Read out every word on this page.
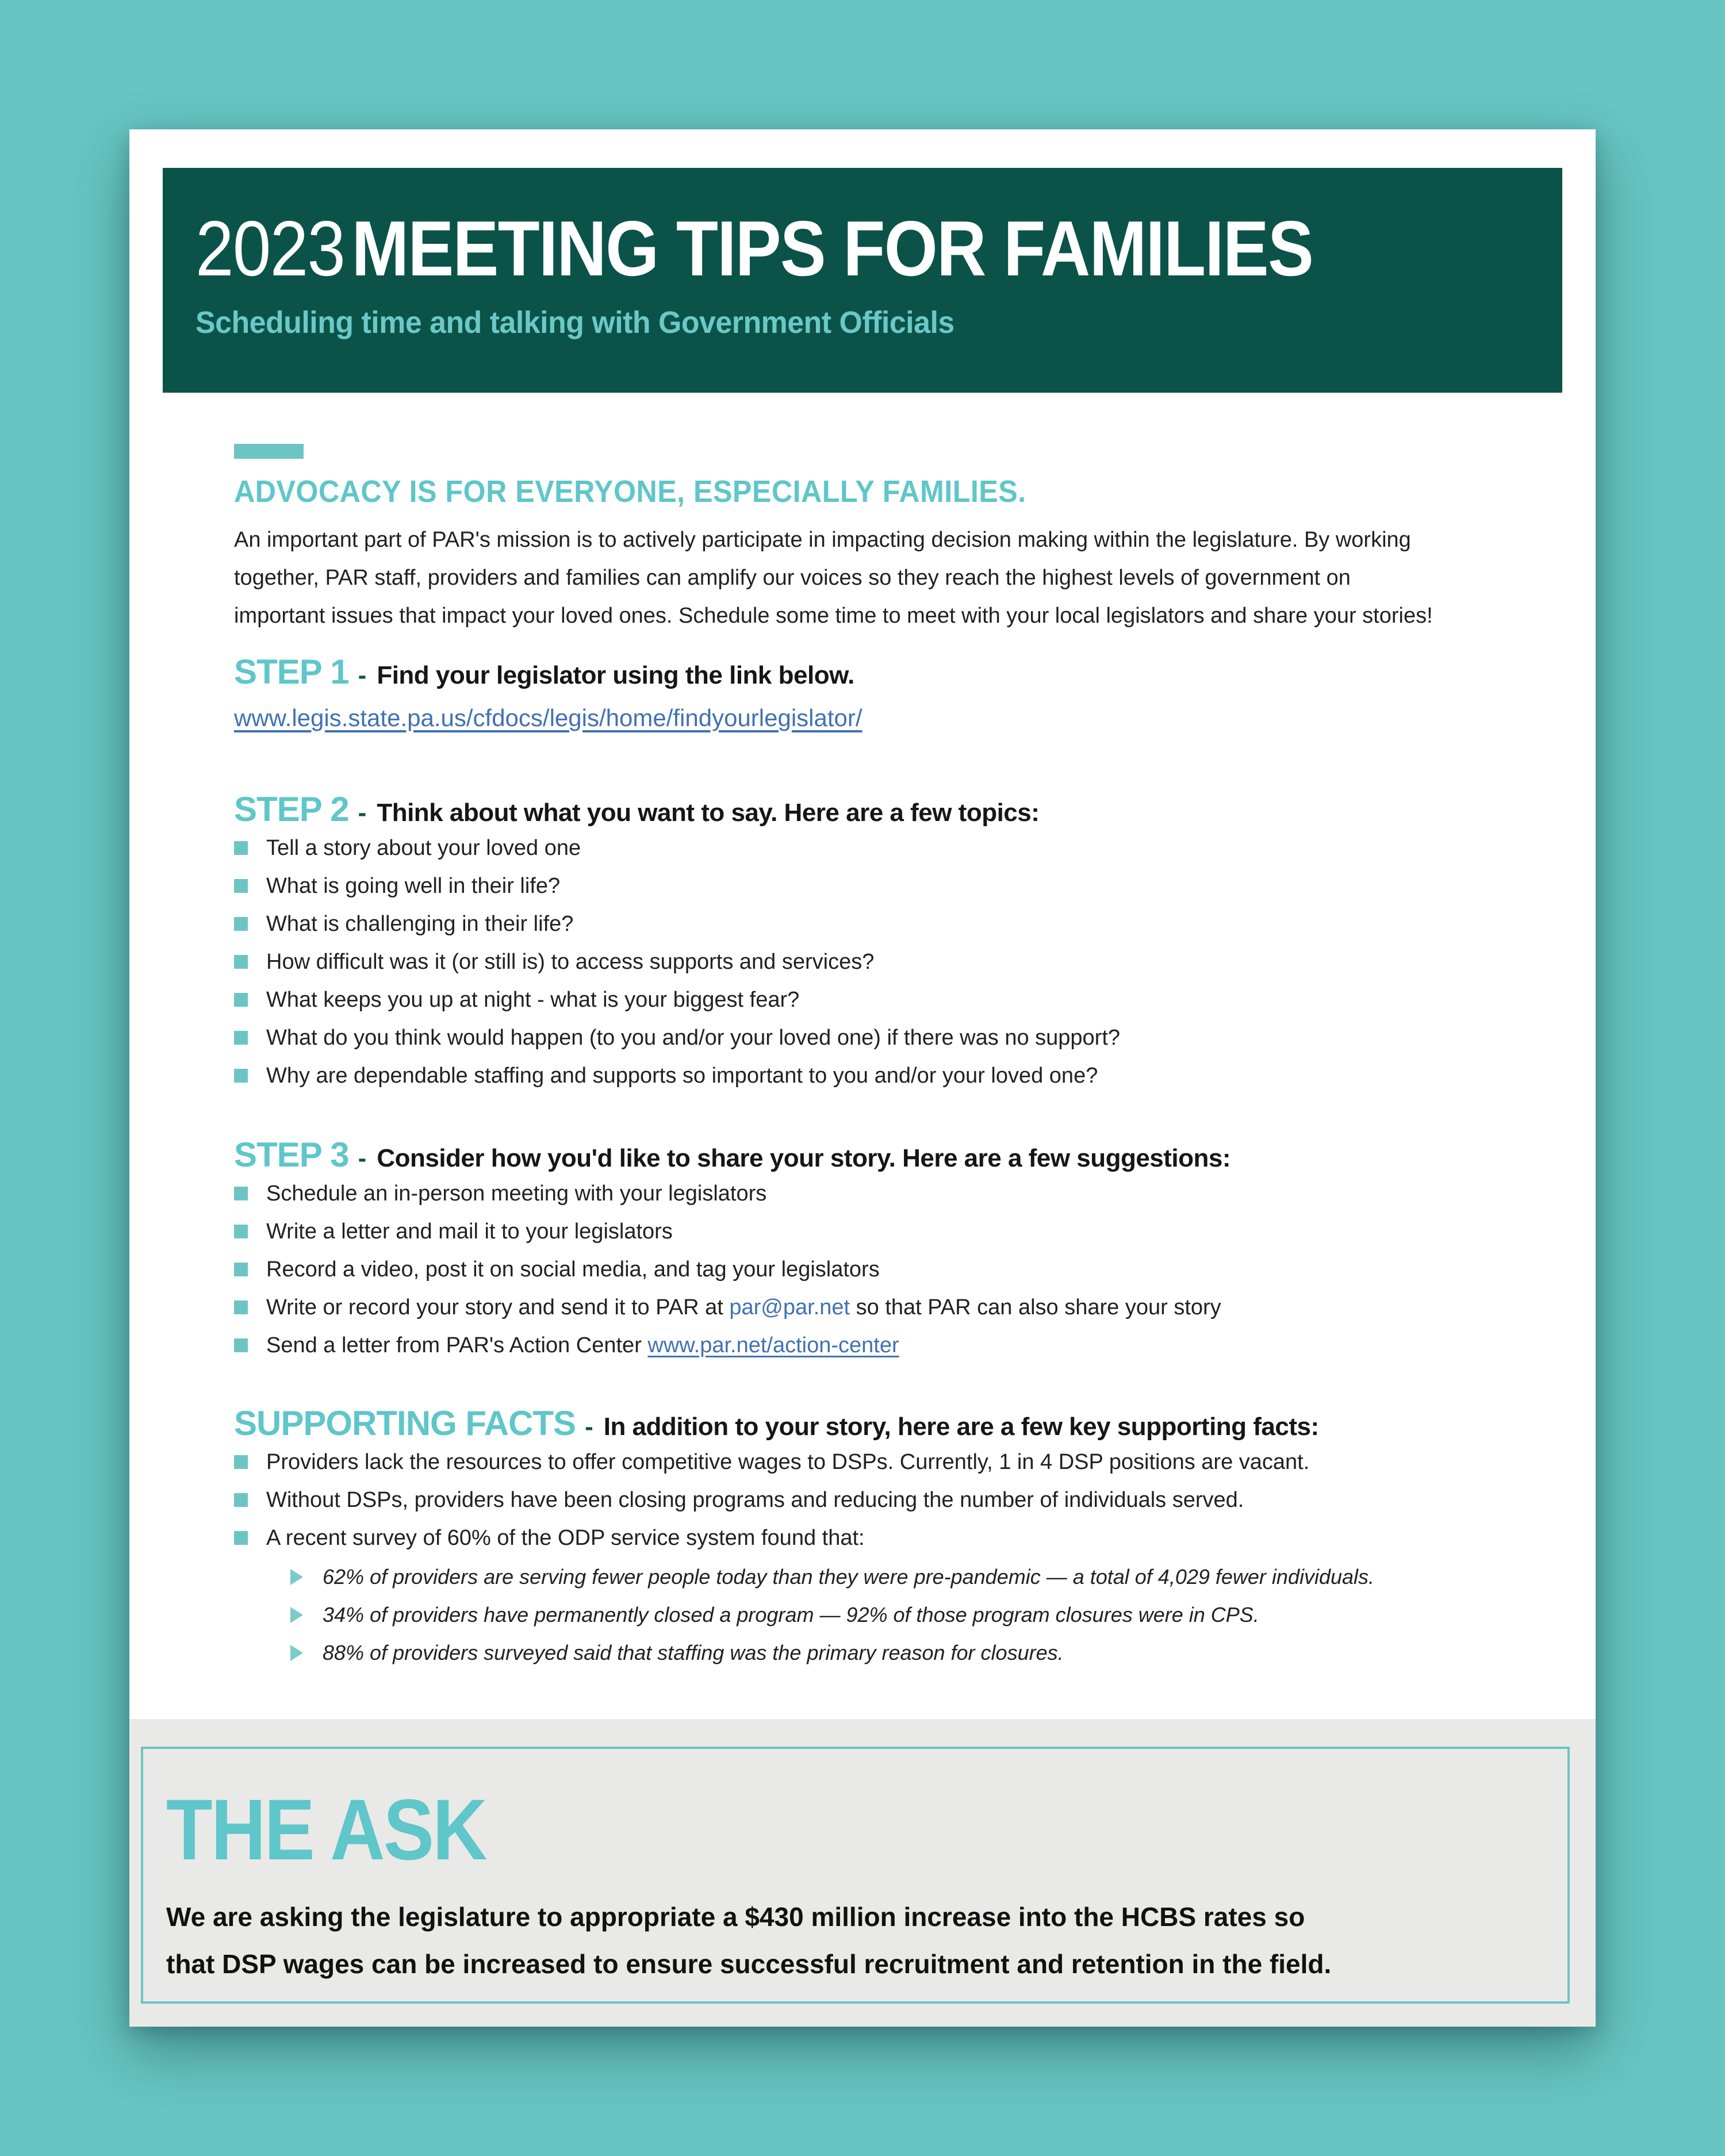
2023MEETING TIPS FOR FAMILIES
Scheduling time and talking with Government Officials
ADVOCACY IS FOR EVERYONE, ESPECIALLY FAMILIES.

An important part of PAR's mission is to actively participate in impacting decision making within the legislature. By working together, PAR staff, providers and families can amplify our voices so they reach the highest levels of government on important issues that impact your loved ones. Schedule some time to meet with your local legislators and share your stories!

STEP 1 - Find your legislator using the link below.
www.legis.state.pa.us/cfdocs/legis/home/findyourlegislator/
STEP 2 - Think about what you want to say. Here are a few topics:
Tell a story about your loved one
What is going well in their life?
What is challenging in their life?
How difficult was it (or still is) to access supports and services?
What keeps you up at night - what is your biggest fear?
What do you think would happen (to you and/or your loved one) if there was no support?
Why are dependable staffing and supports so important to you and/or your loved one?
STEP 3 - Consider how you'd like to share your story. Here are a few suggestions:
Schedule an in-person meeting with your legislators
Write a letter and mail it to your legislators
Record a video, post it on social media, and tag your legislators
Write or record your story and send it to PAR at par@par.net so that PAR can also share your story
Send a letter from PAR's Action Center www.par.net/action-center
SUPPORTING FACTS - In addition to your story, here are a few key supporting facts:
Providers lack the resources to offer competitive wages to DSPs. Currently, 1 in 4 DSP positions are vacant.
Without DSPs, providers have been closing programs and reducing the number of individuals served.
A recent survey of 60% of the ODP service system found that:
62% of providers are serving fewer people today than they were pre-pandemic — a total of 4,029 fewer individuals.
34% of providers have permanently closed a program — 92% of those program closures were in CPS.
88% of providers surveyed said that staffing was the primary reason for closures.
THE ASK
We are asking the legislature to appropriate a $430 million increase into the HCBS rates so
that DSP wages can be increased to ensure successful recruitment and retention in the field.
